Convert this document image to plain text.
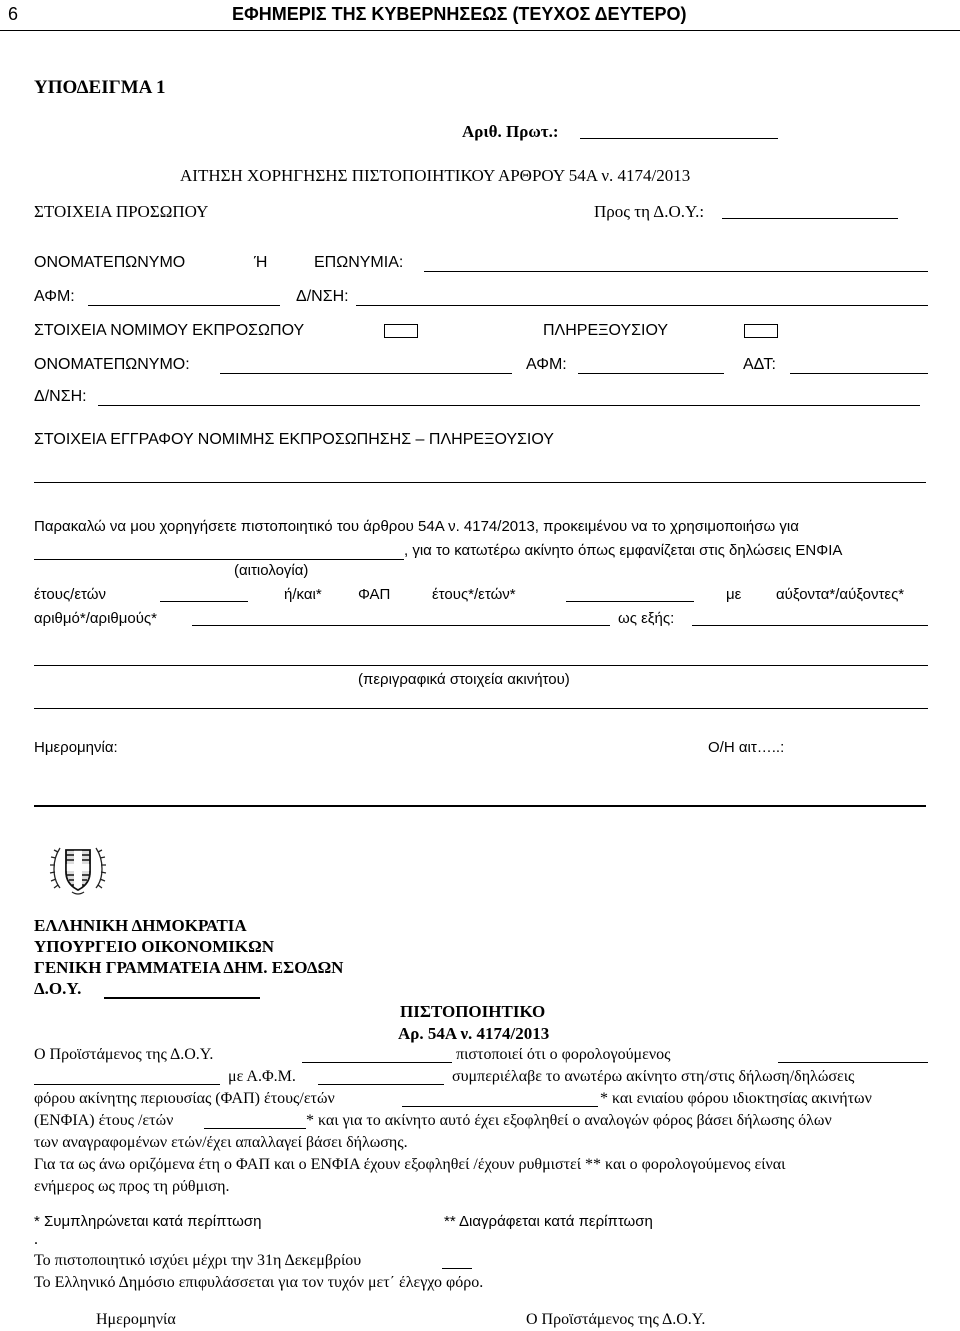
6	ΕΦΗΜΕΡΙΣ ΤΗΣ ΚΥΒΕΡΝΗΣΕΩΣ (ΤΕΥΧΟΣ ΔΕΥΤΕΡΟ)
ΥΠΟΔΕΙΓΜΑ 1
Αριθ. Πρωτ.:
ΑΙΤΗΣΗ ΧΟΡΗΓΗΣΗΣ ΠΙΣΤΟΠΟΙΗΤΙΚΟΥ ΑΡΘΡΟΥ 54Α ν. 4174/2013
ΣΤΟΙΧΕΙΑ ΠΡΟΣΩΠΟΥ	Προς τη Δ.Ο.Υ.:
ΟΝΟΜΑΤΕΠΩΝΥΜΟ	Ή	ΕΠΩΝΥΜΙΑ:
ΑΦΜ:	Δ/ΝΣΗ:
ΣΤΟΙΧΕΙΑ ΝΟΜΙΜΟΥ ΕΚΠΡΟΣΩΠΟΥ	ΠΛΗΡΕΞΟΥΣΙΟΥ
ΟΝΟΜΑΤΕΠΩΝΥΜΟ:	ΑΦΜ:	ΑΔΤ:
Δ/ΝΣΗ:
ΣΤΟΙΧΕΙΑ ΕΓΓΡΑΦΟΥ ΝΟΜΙΜΗΣ ΕΚΠΡΟΣΩΠΗΣΗΣ – ΠΛΗΡΕΞΟΥΣΙΟΥ
Παρακαλώ να μου χορηγήσετε πιστοποιητικό του άρθρου 54Α ν. 4174/2013, προκειμένου να το χρησιμοποιήσω για
, για το κατωτέρω ακίνητο όπως εμφανίζεται στις δηλώσεις ΕΝΦΙΑ
(αιτιολογία)
έτους/ετών	ή/και* ΦΑΠ	έτους*/ετών*	με αύξοντα*/αύξοντες*
αριθμό*/αριθμούς*	ως εξής:
(περιγραφικά στοιχεία ακινήτου)
Ημερομηνία:	Ο/Η αιτ…..:
ΕΛΛΗΝΙΚΗ ΔΗΜΟΚΡΑΤΙΑ
ΥΠΟΥΡΓΕΙΟ ΟΙΚΟΝΟΜΙΚΩΝ
ΓΕΝΙΚΗ ΓΡΑΜΜΑΤΕΙΑ ΔΗΜ. ΕΣΟΔΩΝ
Δ.Ο.Υ.
ΠΙΣΤΟΠΟΙΗΤΙΚΟ
Αρ. 54Α ν. 4174/2013
Ο Προϊστάμενος της Δ.Ο.Υ.	πιστοποιεί ότι ο φορολογούμενος
με Α.Φ.Μ.	συμπεριέλαβε το ανωτέρω ακίνητο στη/στις δήλωση/δηλώσεις
φόρου ακίνητης περιουσίας (ΦΑΠ) έτους/ετών	* και ενιαίου φόρου ιδιοκτησίας ακινήτων
(ΕΝΦΙΑ) έτους /ετών	* και για το ακίνητο αυτό έχει εξοφληθεί ο αναλογών φόρος βάσει δήλωσης όλων
των αναγραφομένων ετών/έχει απαλλαγεί βάσει δήλωσης.
Για τα ως άνω οριζόμενα έτη ο ΦΑΠ και ο ΕΝΦΙΑ έχουν εξοφληθεί /έχουν ρυθμιστεί ** και ο φορολογούμενος είναι
ενήμερος ως προς τη ρύθμιση.
* Συμπληρώνεται κατά περίπτωση	** Διαγράφεται κατά περίπτωση
.
Το πιστοποιητικό ισχύει μέχρι την 31η Δεκεμβρίου
Το Ελληνικό Δημόσιο επιφυλάσσεται για τον τυχόν μετ΄ έλεγχο φόρο.
Ημερομηνία	Ο Προϊστάμενος της Δ.Ο.Υ.
